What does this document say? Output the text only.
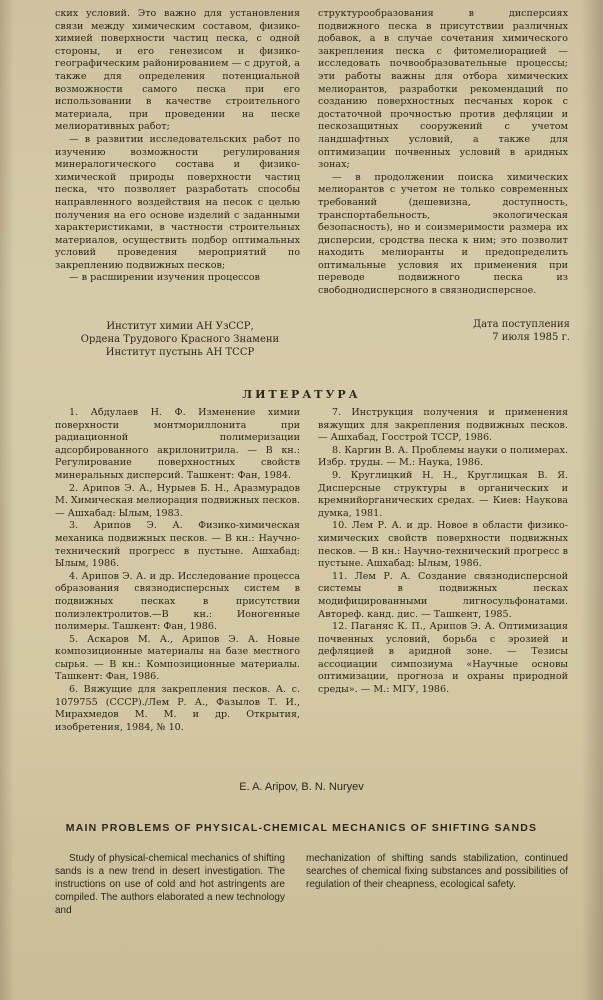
ских условий. Это важно для установления связи между химическим составом, физико-химией поверхности частиц песка, с одной стороны, и его генезисом и физико-географическим районированием — с другой, а также для определения потенциальной возможности самого песка при его использовании в качестве строительного материала, при проведении на песке мелиоративных работ;

— в развитии исследовательских работ по изучению возможности регулирования минералогического состава и физико-химической природы поверхности частиц песка, что позволяет разработать способы направленного воздействия на песок с целью получения на его основе изделий с заданными характеристиками, в частности строительных материалов, осуществить подбор оптимальных условий проведения мероприятий по закреплению подвижных песков;

— в расширении изучения процессов

структурообразования в дисперсиях подвижного песка в присутствии различных добавок, а в случае сочетания химического закрепления песка с фитомелиорацией — исследовать почвообразовательные процессы; эти работы важны для отбора химических мелиорантов, разработки рекомендаций по созданию поверхностных песчаных корок с достаточной прочностью против дефляции и пескозащитных сооружений с учетом ландшафтных условий, а также для оптимизации почвенных условий в аридных зонах;

— в продолжении поиска химических мелиорантов с учетом не только современных требований (дешевизна, доступность, транспортабельность, экологическая безопасность), но и соизмеримости размера их дисперсии, сродства песка к ним; это позволит находить мелиоранты и предопределить оптимальные условия их применения при переводе подвижного песка из свободнодисперсного в связнодисперсное.

Институт химии АН УзССР,
Ордена Трудового Красного Знамени
Институт пустынь АН ТССР
Дата поступления
7 июля 1985 г.
ЛИТЕРАТУРА

1. Абдулаев Н. Ф. Изменение химии поверхности монтмориллонита при радиационной полимеризации адсорбированного акрилонитрила. — В кн.: Регулирование поверхностных свойств минеральных дисперсий. Ташкент: Фан, 1984.

2. Арипов Э. А., Нурыев Б. Н., Аразмурадов М. Химическая мелиорация подвижных песков. — Ашхабад: Ылым, 1983.

3. Арипов Э. А. Физико-химическая механика подвижных песков. — В кн.: Научно-технический прогресс в пустыне. Ашхабад: Ылым, 1986.

4. Арипов Э. А. и др. Исследование процесса образования связнодисперсных систем в подвижных песках в присутствии полиэлектролитов.—В кн.: Ионогенные полимеры. Ташкент: Фан, 1986.

5. Аскаров М. А., Арипов Э. А. Новые композиционные материалы на базе местного сырья. — В кн.: Композиционные материалы. Ташкент: Фан, 1986.

6. Вяжущие для закрепления песков. А. с. 1079755 (СССР)./Лем Р. А., Фазылов Т. И., Мирахмедов М. М. и др. Открытия, изобретения, 1984, № 10.

7. Инструкция получения и применения вяжущих для закрепления подвижных песков. — Ашхабад, Госстрой ТССР, 1986.

8. Каргин В. А. Проблемы науки о полимерах. Избр. труды. — М.: Наука, 1986.

9. Круглицкий Н. Н., Круглицкая В. Я. Дисперсные структуры в органических и кремнийорганических средах. — Киев: Наукова думка, 1981.

10. Лем Р. А. и др. Новое в области физико-химических свойств поверхности подвижных песков. — В кн.: Научно-технический прогресс в пустыне. Ашхабад: Ылым, 1986.

11. Лем Р. А. Создание связнодисперсной системы в подвижных песках модифицированными лигносульфонатами. Автореф. канд. дис. — Ташкент, 1985.

12. Паганяс К. П., Арипов Э. А. Оптимизация почвенных условий, борьба с эрозией и дефляцией в аридной зоне. — Тезисы ассоциации симпозиума «Научные основы оптимизации, прогноза и охраны природной среды». — М.: МГУ, 1986.

E. A. Aripov, B. N. Nuryev
MAIN PROBLEMS OF PHYSICAL-CHEMICAL MECHANICS OF SHIFTING SANDS

Study of physical-chemical mechanics of shifting sands is a new trend in desert investigation. The instructions on use of cold and hot astringents are compiled. The authors elaborated a new technology and

mechanization of shifting sands stabilization, continued searches of chemical fixing substances and possibilities of regulation of their cheapness, ecological safety.
